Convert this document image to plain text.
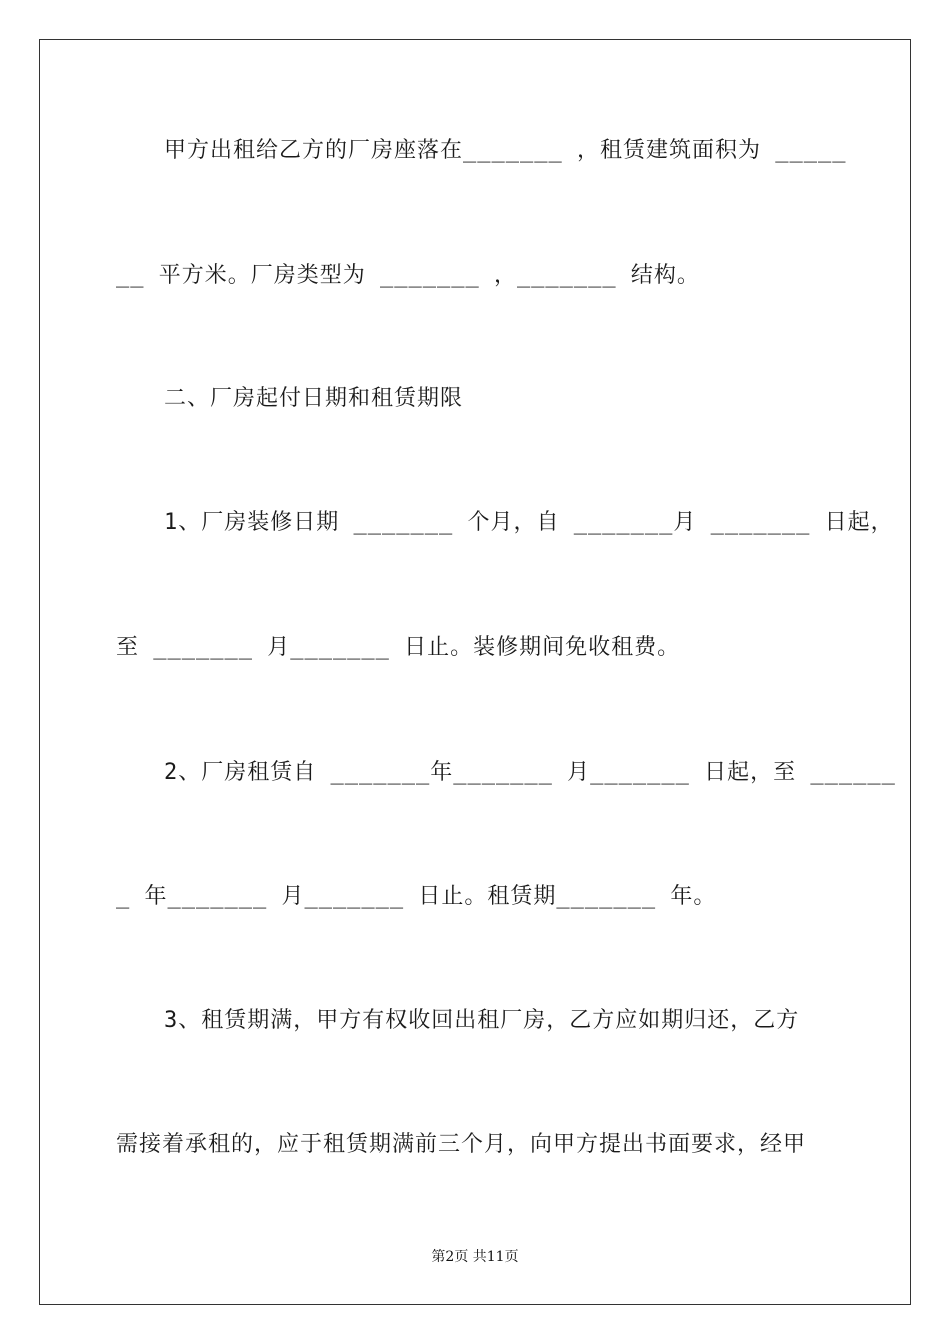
甲方出租给乙方的厂房座落在_______ ，租赁建筑面积为 _____
__ 平方米。厂房类型为 _______ ，_______ 结构。
二、厂房起付日期和租赁期限
1、厂房装修日期 _______ 个月，自 _______月 _______ 日起，
至 _______ 月_______ 日止。装修期间免收租费。
2、厂房租赁自 _______年_______ 月_______ 日起，至 ______
_ 年_______ 月_______ 日止。租赁期_______ 年。
3、租赁期满，甲方有权收回出租厂房，乙方应如期归还，乙方
需接着承租的，应于租赁期满前三个月，向甲方提出书面要求，经甲
第2页 共11页
